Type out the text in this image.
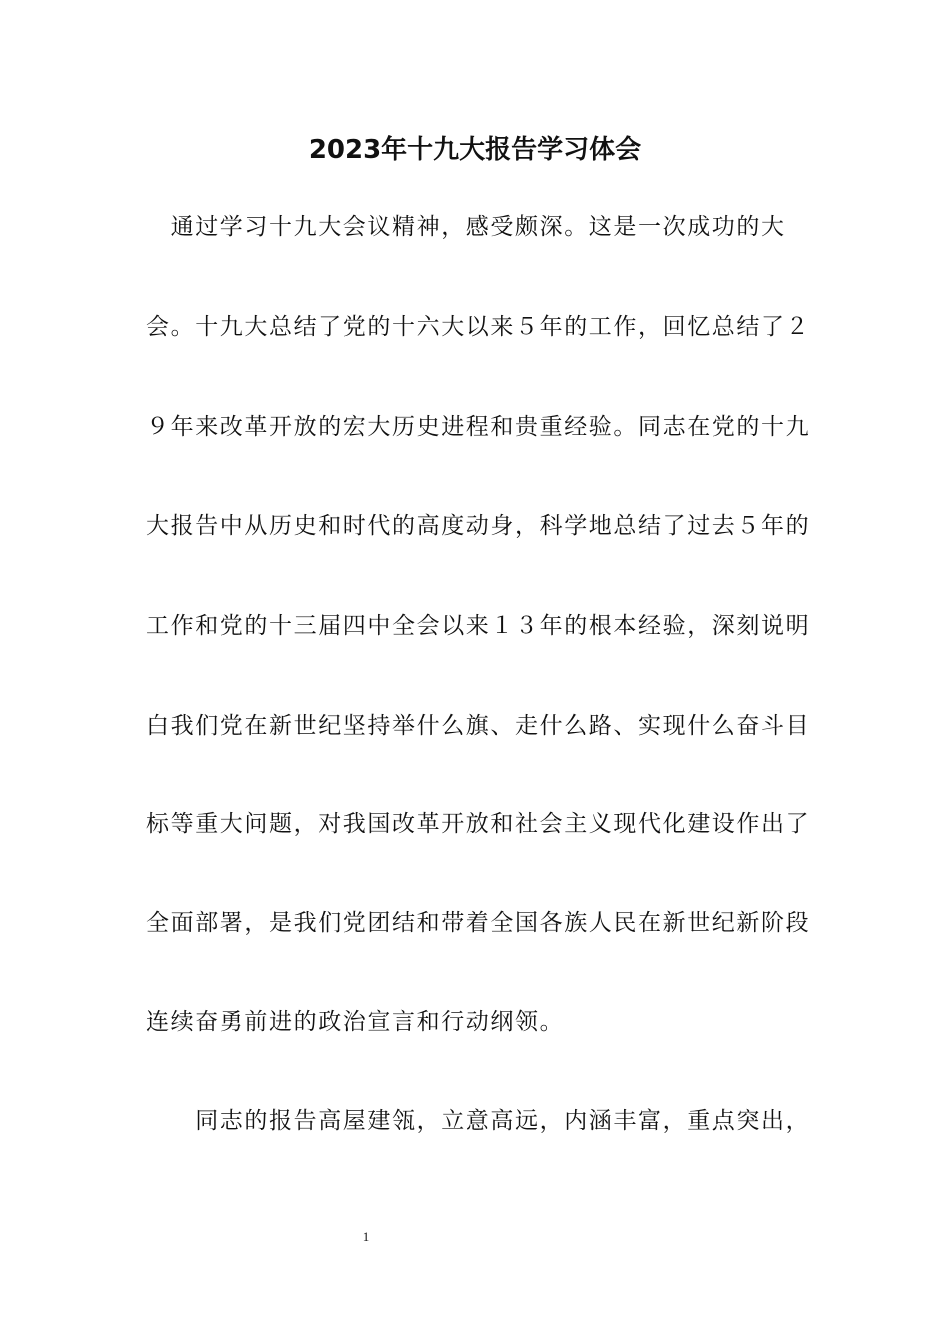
2023年十九大报告学习体会
　通过学习十九大会议精神，感受颇深。这是一次成功的大
会。十九大总结了党的十六大以来５年的工作，回忆总结了２
９年来改革开放的宏大历史进程和贵重经验。同志在党的十九
大报告中从历史和时代的高度动身，科学地总结了过去５年的
工作和党的十三届四中全会以来１３年的根本经验，深刻说明
白我们党在新世纪坚持举什么旗、走什么路、实现什么奋斗目
标等重大问题，对我国改革开放和社会主义现代化建设作出了
全面部署，是我们党团结和带着全国各族人民在新世纪新阶段
连续奋勇前进的政治宣言和行动纲领。
　　同志的报告高屋建瓴，立意高远，内涵丰富，重点突出，
1
